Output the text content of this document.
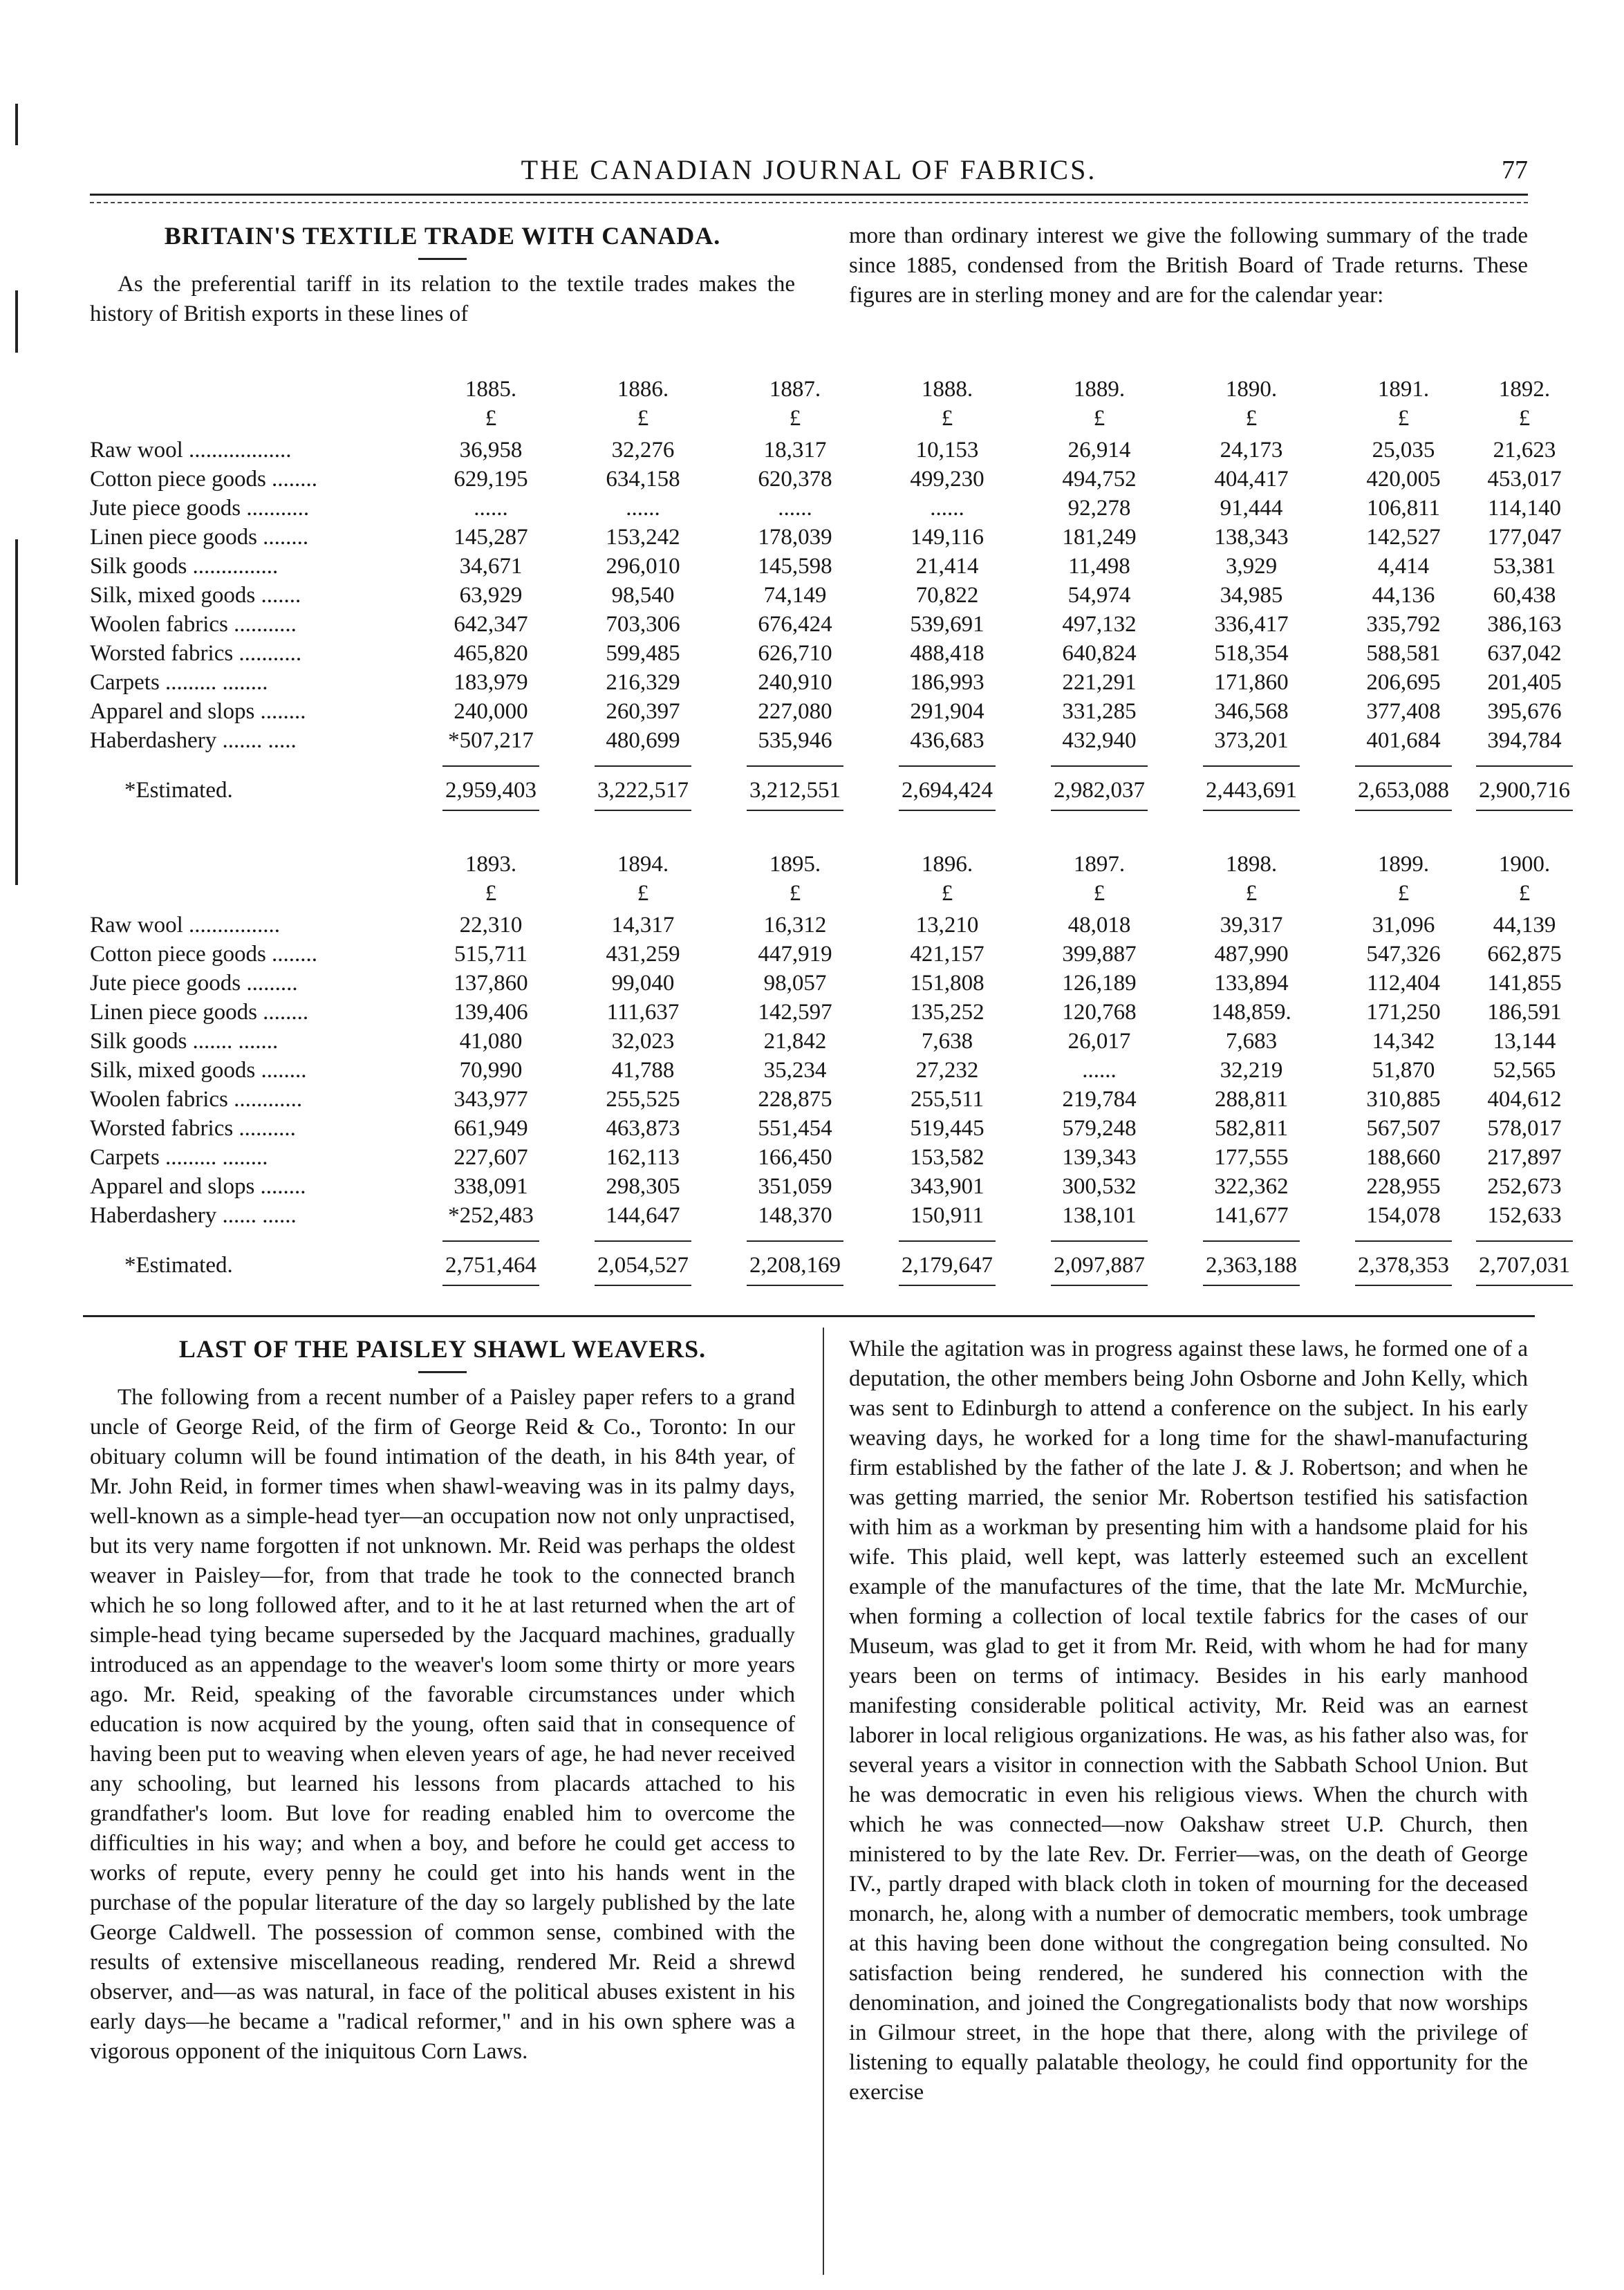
THE CANADIAN JOURNAL OF FABRICS.	77
BRITAIN'S TEXTILE TRADE WITH CANADA.

As the preferential tariff in its relation to the textile trades makes the history of British exports in these lines of

more than ordinary interest we give the following summary of the trade since 1885, condensed from the British Board of Trade returns. These figures are in sterling money and are for the calendar year:

1885.	1886.	1887.	1888.	1889.	1890.	1891.	1892.
£	£	£	£	£	£	£	£
Raw wool ..................	36,958	32,276	18,317	10,153	26,914	24,173	25,035	21,623
Cotton piece goods ........	629,195	634,158	620,378	499,230	494,752	404,417	420,005	453,017
Jute piece goods ...........	......	......	......	......	92,278	91,444	106,811	114,140
Linen piece goods ........	145,287	153,242	178,039	149,116	181,249	138,343	142,527	177,047
Silk goods ...............	34,671	296,010	145,598	21,414	11,498	3,929	4,414	53,381
Silk, mixed goods .......	63,929	98,540	74,149	70,822	54,974	34,985	44,136	60,438
Woolen fabrics ...........	642,347	703,306	676,424	539,691	497,132	336,417	335,792	386,163
Worsted fabrics ...........	465,820	599,485	626,710	488,418	640,824	518,354	588,581	637,042
Carpets ......... ........	183,979	216,329	240,910	186,993	221,291	171,860	206,695	201,405
Apparel and slops ........	240,000	260,397	227,080	291,904	331,285	346,568	377,408	395,676
Haberdashery ....... .....	*507,217	480,699	535,946	436,683	432,940	373,201	401,684	394,784
*Estimated.	2,959,403	3,222,517	3,212,551	2,694,424	2,982,037	2,443,691	2,653,088	2,900,716
1893.	1894.	1895.	1896.	1897.	1898.	1899.	1900.
£	£	£	£	£	£	£	£
Raw wool ................	22,310	14,317	16,312	13,210	48,018	39,317	31,096	44,139
Cotton piece goods ........	515,711	431,259	447,919	421,157	399,887	487,990	547,326	662,875
Jute piece goods .........	137,860	99,040	98,057	151,808	126,189	133,894	112,404	141,855
Linen piece goods ........	139,406	111,637	142,597	135,252	120,768	148,859.	171,250	186,591
Silk goods ....... .......	41,080	32,023	21,842	7,638	26,017	7,683	14,342	13,144
Silk, mixed goods ........	70,990	41,788	35,234	27,232	......	32,219	51,870	52,565
Woolen fabrics ............	343,977	255,525	228,875	255,511	219,784	288,811	310,885	404,612
Worsted fabrics ..........	661,949	463,873	551,454	519,445	579,248	582,811	567,507	578,017
Carpets ......... ........	227,607	162,113	166,450	153,582	139,343	177,555	188,660	217,897
Apparel and slops ........	338,091	298,305	351,059	343,901	300,532	322,362	228,955	252,673
Haberdashery ...... ......	*252,483	144,647	148,370	150,911	138,101	141,677	154,078	152,633
*Estimated.	2,751,464	2,054,527	2,208,169	2,179,647	2,097,887	2,363,188	2,378,353	2,707,031
LAST OF THE PAISLEY SHAWL WEAVERS.

The following from a recent number of a Paisley paper refers to a grand uncle of George Reid, of the firm of George Reid & Co., Toronto: In our obituary column will be found intimation of the death, in his 84th year, of Mr. John Reid, in former times when shawl-weaving was in its palmy days, well-known as a simple-head tyer—an occupation now not only unpractised, but its very name forgotten if not unknown. Mr. Reid was perhaps the oldest weaver in Paisley—for, from that trade he took to the connected branch which he so long followed after, and to it he at last returned when the art of simple-head tying became superseded by the Jacquard machines, gradually introduced as an appendage to the weaver's loom some thirty or more years ago. Mr. Reid, speaking of the favorable circumstances under which education is now acquired by the young, often said that in consequence of having been put to weaving when eleven years of age, he had never received any schooling, but learned his lessons from placards attached to his grandfather's loom. But love for reading enabled him to overcome the difficulties in his way; and when a boy, and before he could get access to works of repute, every penny he could get into his hands went in the purchase of the popular literature of the day so largely published by the late George Caldwell. The possession of common sense, combined with the results of extensive miscellaneous reading, rendered Mr. Reid a shrewd observer, and—as was natural, in face of the political abuses existent in his early days—he became a "radical reformer," and in his own sphere was a vigorous opponent of the iniquitous Corn Laws.

While the agitation was in progress against these laws, he formed one of a deputation, the other members being John Osborne and John Kelly, which was sent to Edinburgh to attend a conference on the subject. In his early weaving days, he worked for a long time for the shawl-manufacturing firm established by the father of the late J. & J. Robertson; and when he was getting married, the senior Mr. Robertson testified his satisfaction with him as a workman by presenting him with a handsome plaid for his wife. This plaid, well kept, was latterly esteemed such an excellent example of the manufactures of the time, that the late Mr. McMurchie, when forming a collection of local textile fabrics for the cases of our Museum, was glad to get it from Mr. Reid, with whom he had for many years been on terms of intimacy. Besides in his early manhood manifesting considerable political activity, Mr. Reid was an earnest laborer in local religious organizations. He was, as his father also was, for several years a visitor in connection with the Sabbath School Union. But he was democratic in even his religious views. When the church with which he was connected—now Oakshaw street U.P. Church, then ministered to by the late Rev. Dr. Ferrier—was, on the death of George IV., partly draped with black cloth in token of mourning for the deceased monarch, he, along with a number of democratic members, took umbrage at this having been done without the congregation being consulted. No satisfaction being rendered, he sundered his connection with the denomination, and joined the Congregationalists body that now worships in Gilmour street, in the hope that there, along with the privilege of listening to equally palatable theology, he could find opportunity for the exercise
